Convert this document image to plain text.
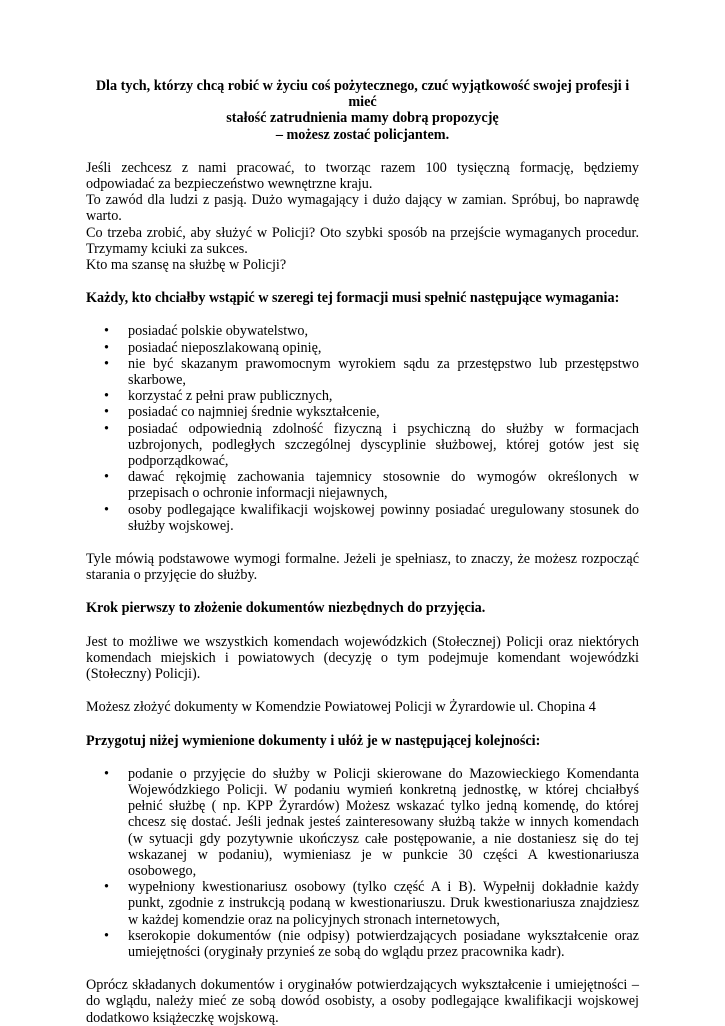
Dla tych, którzy chcą robić w życiu coś pożytecznego, czuć wyjątkowość swojej profesji i mieć
stałość zatrudnienia mamy dobrą propozycję
– możesz zostać policjantem.

Jeśli zechcesz z nami pracować, to tworząc razem 100 tysięczną formację, będziemy odpowiadać za bezpieczeństwo wewnętrzne kraju.

To zawód dla ludzi z pasją. Dużo wymagający i dużo dający w zamian. Spróbuj, bo naprawdę warto.

Co trzeba zrobić, aby służyć w Policji? Oto szybki sposób na przejście wymaganych procedur. Trzymamy kciuki za sukces.

Kto ma szansę na służbę w Policji?

Każdy, kto chciałby wstąpić w szeregi tej formacji musi spełnić następujące wymagania:

• posiadać polskie obywatelstwo,
• posiadać nieposzlakowaną opinię,
• nie być skazanym prawomocnym wyrokiem sądu za przestępstwo lub przestępstwo skarbowe,
• korzystać z pełni praw publicznych,
• posiadać co najmniej średnie wykształcenie,
• posiadać odpowiednią zdolność fizyczną i psychiczną do służby w formacjach uzbrojonych, podległych szczególnej dyscyplinie służbowej, której gotów jest się podporządkować,
• dawać rękojmię zachowania tajemnicy stosownie do wymogów określonych w przepisach o ochronie informacji niejawnych,
• osoby podlegające kwalifikacji wojskowej powinny posiadać uregulowany stosunek do służby wojskowej.

Tyle mówią podstawowe wymogi formalne. Jeżeli je spełniasz, to znaczy, że możesz rozpocząć starania o przyjęcie do służby.

Krok pierwszy to złożenie dokumentów niezbędnych do przyjęcia.

Jest to możliwe we wszystkich komendach wojewódzkich (Stołecznej) Policji oraz niektórych komendach miejskich i powiatowych (decyzję o tym podejmuje komendant wojewódzki (Stołeczny) Policji).

Możesz złożyć dokumenty w Komendzie Powiatowej Policji w Żyrardowie ul. Chopina 4

Przygotuj niżej wymienione dokumenty i ułóż je w następującej kolejności:

• podanie o przyjęcie do służby w Policji skierowane do Mazowieckiego Komendanta Wojewódzkiego Policji. W podaniu wymień konkretną jednostkę, w której chciałbyś pełnić służbę ( np. KPP Żyrardów) Możesz wskazać tylko jedną komendę, do której chcesz się dostać. Jeśli jednak jesteś zainteresowany służbą także w innych komendach (w sytuacji gdy pozytywnie ukończysz całe postępowanie, a nie dostaniesz się do tej wskazanej w podaniu), wymieniasz je w punkcie 30 części A kwestionariusza osobowego,
• wypełniony kwestionariusz osobowy (tylko część A i B). Wypełnij dokładnie każdy punkt, zgodnie z instrukcją podaną w kwestionariuszu. Druk kwestionariusza znajdziesz w każdej komendzie oraz na policyjnych stronach internetowych,
• kserokopie dokumentów (nie odpisy) potwierdzających posiadane wykształcenie oraz umiejętności (oryginały przynieś ze sobą do wglądu przez pracownika kadr).

Oprócz składanych dokumentów i oryginałów potwierdzających wykształcenie i umiejętności – do wglądu, należy mieć ze sobą dowód osobisty, a osoby podlegające kwalifikacji wojskowej dodatkowo książeczkę wojskową.
